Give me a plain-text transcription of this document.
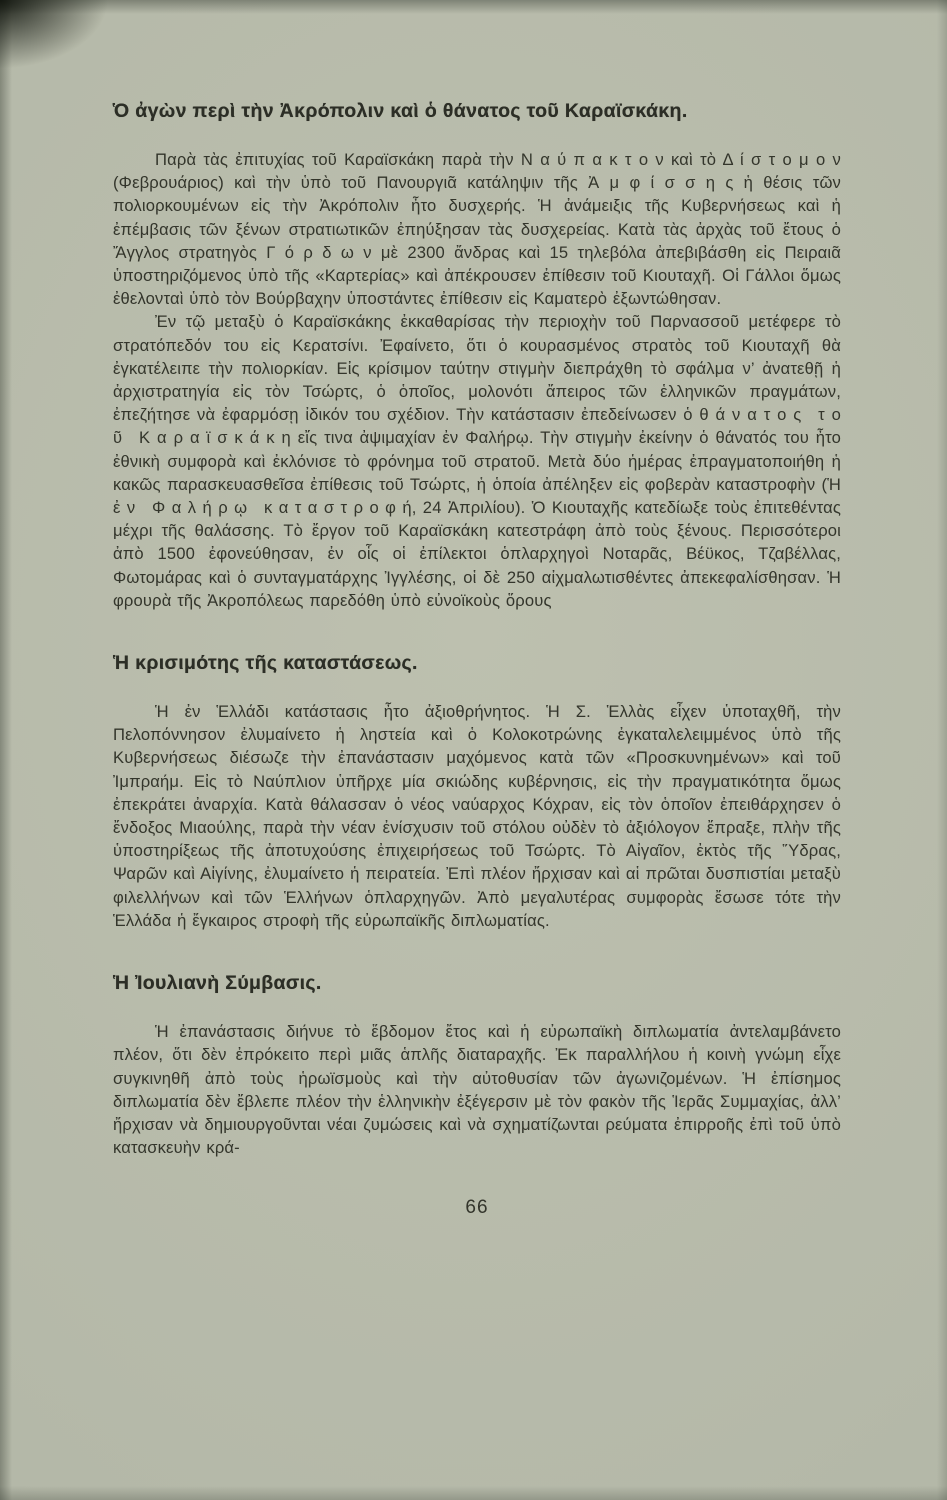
Ὁ ἀγὼν περὶ τὴν Ἀκρόπολιν καὶ ὁ θάνατος τοῦ Καραϊσκάκη.

Παρὰ τὰς ἐπιτυχίας τοῦ Καραϊσκάκη παρὰ τὴν Ν α ύ π α κ τ ο ν καὶ τὸ Δ ί σ τ ο μ ο ν (Φεβρουάριος) καὶ τὴν ὑπὸ τοῦ Πανουργιᾶ κατάληψιν τῆς Ἀ μ φ ί σ σ η ς ἡ θέσις τῶν πολιορκουμένων εἰς τὴν Ἀκρόπολιν ἦτο δυσχερής. Ἡ ἀνάμειξις τῆς Κυβερνήσεως καὶ ἡ ἐπέμβασις τῶν ξένων στρατιωτικῶν ἐπηύξησαν τὰς δυσχερείας. Κατὰ τὰς ἀρχὰς τοῦ ἔτους ὁ Ἄγγλος στρατηγὸς Γ ό ρ δ ω ν μὲ 2300 ἄνδρας καὶ 15 τηλεβόλα ἀπεβιβάσθη εἰς Πειραιᾶ ὑποστηριζόμενος ὑπὸ τῆς «Καρτερίας» καὶ ἀπέκρουσεν ἐπίθεσιν τοῦ Κιουταχῆ. Οἱ Γάλλοι ὅμως ἐθελονταὶ ὑπὸ τὸν Βούρβαχην ὑποστάντες ἐπίθεσιν εἰς Καματερὸ ἐξωντώθησαν.

Ἐν τῷ μεταξὺ ὁ Καραϊσκάκης ἐκκαθαρίσας τὴν περιοχὴν τοῦ Παρνασσοῦ μετέφερε τὸ στρατόπεδόν του εἰς Κερατσίνι. Ἐφαίνετο, ὅτι ὁ κουρασμένος στρατὸς τοῦ Κιουταχῆ θὰ ἐγκατέλειπε τὴν πολιορκίαν. Εἰς κρίσιμον ταύτην στιγμὴν διεπράχθη τὸ σφάλμα ν’ ἀνατεθῇ ἡ ἀρχιστρατηγία εἰς τὸν Τσώρτς, ὁ ὁποῖος, μολονότι ἄπειρος τῶν ἑλληνικῶν πραγμάτων, ἐπεζήτησε νὰ ἐφαρμόσῃ ἰδικόν του σχέδιον. Τὴν κατάστασιν ἐπεδείνωσεν ὁ θ ά ν α τ ο ς τ ο ῦ Κ α ρ α ϊ σ κ ά κ η εἴς τινα ἀψιμαχίαν ἐν Φαλήρῳ. Τὴν στιγμὴν ἐκείνην ὁ θάνατός του ἦτο ἐθνικὴ συμφορὰ καὶ ἐκλόνισε τὸ φρόνημα τοῦ στρατοῦ. Μετὰ δύο ἡμέρας ἐπραγματοποιήθη ἡ κακῶς παρασκευασθεῖσα ἐπίθεσις τοῦ Τσώρτς, ἡ ὁποία ἀπέληξεν εἰς φοβερὰν καταστροφὴν (Ἡ ἐ ν Φ α λ ή ρ ῳ κ α τ α σ τ ρ ο φ ή, 24 Ἀπριλίου). Ὁ Κιουταχῆς κατεδίωξε τοὺς ἐπιτεθέντας μέχρι τῆς θαλάσσης. Τὸ ἔργον τοῦ Καραϊσκάκη κατεστράφη ἀπὸ τοὺς ξένους. Περισσότεροι ἀπὸ 1500 ἐφονεύθησαν, ἐν οἷς οἱ ἐπίλεκτοι ὁπλαρχηγοὶ Νοταρᾶς, Βέϋκος, Τζαβέλλας, Φωτομάρας καὶ ὁ συνταγματάρχης Ἰγγλέσης, οἱ δὲ 250 αἰχμαλωτισθέντες ἀπεκεφαλίσθησαν. Ἡ φρουρὰ τῆς Ἀκροπόλεως παρεδόθη ὑπὸ εὐνοϊκοὺς ὅρους

Ἡ κρισιμότης τῆς καταστάσεως.

Ἡ ἐν Ἑλλάδι κατάστασις ἦτο ἀξιοθρήνητος. Ἡ Σ. Ἑλλὰς εἶχεν ὑποταχθῆ, τὴν Πελοπόννησον ἐλυμαίνετο ἡ ληστεία καὶ ὁ Κολοκοτρώνης ἐγκαταλελειμμένος ὑπὸ τῆς Κυβερνήσεως διέσωζε τὴν ἐπανάστασιν μαχόμενος κατὰ τῶν «Προσκυνημένων» καὶ τοῦ Ἰμπραήμ. Εἰς τὸ Ναύπλιον ὑπῆρχε μία σκιώδης κυβέρνησις, εἰς τὴν πραγματικότητα ὅμως ἐπεκράτει ἀναρχία. Κατὰ θάλασσαν ὁ νέος ναύαρχος Κόχραν, εἰς τὸν ὁποῖον ἐπειθάρχησεν ὁ ἔνδοξος Μιαούλης, παρὰ τὴν νέαν ἐνίσχυσιν τοῦ στόλου οὐδὲν τὸ ἀξιόλογον ἔπραξε, πλὴν τῆς ὑποστηρίξεως τῆς ἀποτυχούσης ἐπιχειρήσεως τοῦ Τσώρτς. Τὸ Αἰγαῖον, ἐκτὸς τῆς Ὕδρας, Ψαρῶν καὶ Αἰγίνης, ἐλυμαίνετο ἡ πειρατεία. Ἐπὶ πλέον ἤρχισαν καὶ αἱ πρῶται δυσπιστίαι μεταξὺ φιλελλήνων καὶ τῶν Ἑλλήνων ὁπλαρχηγῶν. Ἀπὸ μεγαλυτέρας συμφορὰς ἔσωσε τότε τὴν Ἑλλάδα ἡ ἔγκαιρος στροφὴ τῆς εὐρωπαϊκῆς διπλωματίας.

Ἡ Ἰουλιανὴ Σύμβασις.

Ἡ ἐπανάστασις διήνυε τὸ ἕβδομον ἔτος καὶ ἡ εὐρωπαϊκὴ διπλωματία ἀντελαμβάνετο πλέον, ὅτι δὲν ἐπρόκειτο περὶ μιᾶς ἁπλῆς διαταραχῆς. Ἐκ παραλλήλου ἡ κοινὴ γνώμη εἶχε συγκινηθῆ ἀπὸ τοὺς ἡρωϊσμοὺς καὶ τὴν αὐτοθυσίαν τῶν ἀγωνιζομένων. Ἡ ἐπίσημος διπλωματία δὲν ἔβλεπε πλέον τὴν ἑλληνικὴν ἐξέγερσιν μὲ τὸν φακὸν τῆς Ἱερᾶς Συμμαχίας, ἀλλ’ ἤρχισαν νὰ δημιουργοῦνται νέαι ζυμώσεις καὶ νὰ σχηματίζωνται ρεύματα ἐπιρροῆς ἐπὶ τοῦ ὑπὸ κατασκευὴν κρά-

66
